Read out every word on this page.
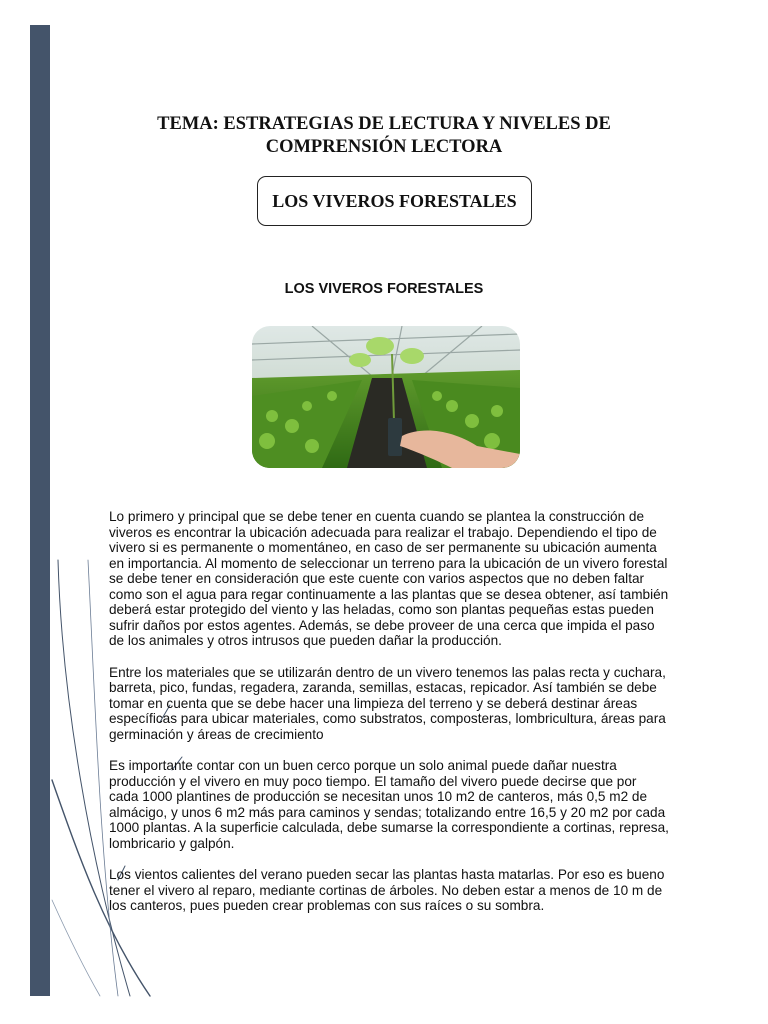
TEMA: ESTRATEGIAS DE LECTURA Y NIVELES DE
COMPRENSIÓN LECTORA
LOS VIVEROS FORESTALES
LOS VIVEROS FORESTALES

Lo primero y principal que se debe tener en cuenta cuando se plantea la construcción de viveros es encontrar la ubicación adecuada para realizar el trabajo. Dependiendo el tipo de vivero si es permanente o momentáneo, en caso de ser permanente su ubicación aumenta en importancia. Al momento de seleccionar un terreno para la ubicación de un vivero forestal se debe tener en consideración que este cuente con varios aspectos que no deben faltar como son el agua para regar continuamente a las plantas que se desea obtener, así también deberá estar protegido del viento y las heladas, como son plantas pequeñas estas pueden sufrir daños por estos agentes. Además, se debe proveer de una cerca que impida el paso de los animales y otros intrusos que pueden dañar la producción.

Entre los materiales que se utilizarán dentro de un vivero tenemos las palas recta y cuchara, barreta, pico, fundas, regadera, zaranda, semillas, estacas, repicador. Así también se debe tomar en cuenta que se debe hacer una limpieza del terreno y se deberá destinar áreas específicas para ubicar materiales, como substratos, composteras, lombricultura, áreas para germinación y áreas de crecimiento

Es importante contar con un buen cerco porque un solo animal puede dañar nuestra producción y el vivero en muy poco tiempo. El tamaño del vivero puede decirse que por cada 1000 plantines de producción se necesitan unos 10 m2 de canteros, más 0,5 m2 de almácigo, y unos 6 m2 más para caminos y sendas; totalizando entre 16,5 y 20 m2 por cada 1000 plantas. A la superficie calculada, debe sumarse la correspondiente a cortinas, represa, lombricario y galpón.

Los vientos calientes del verano pueden secar las plantas hasta matarlas. Por eso es bueno tener el vivero al reparo, mediante cortinas de árboles. No deben estar a menos de 10 m de los canteros, pues pueden crear problemas con sus raíces o su sombra.
